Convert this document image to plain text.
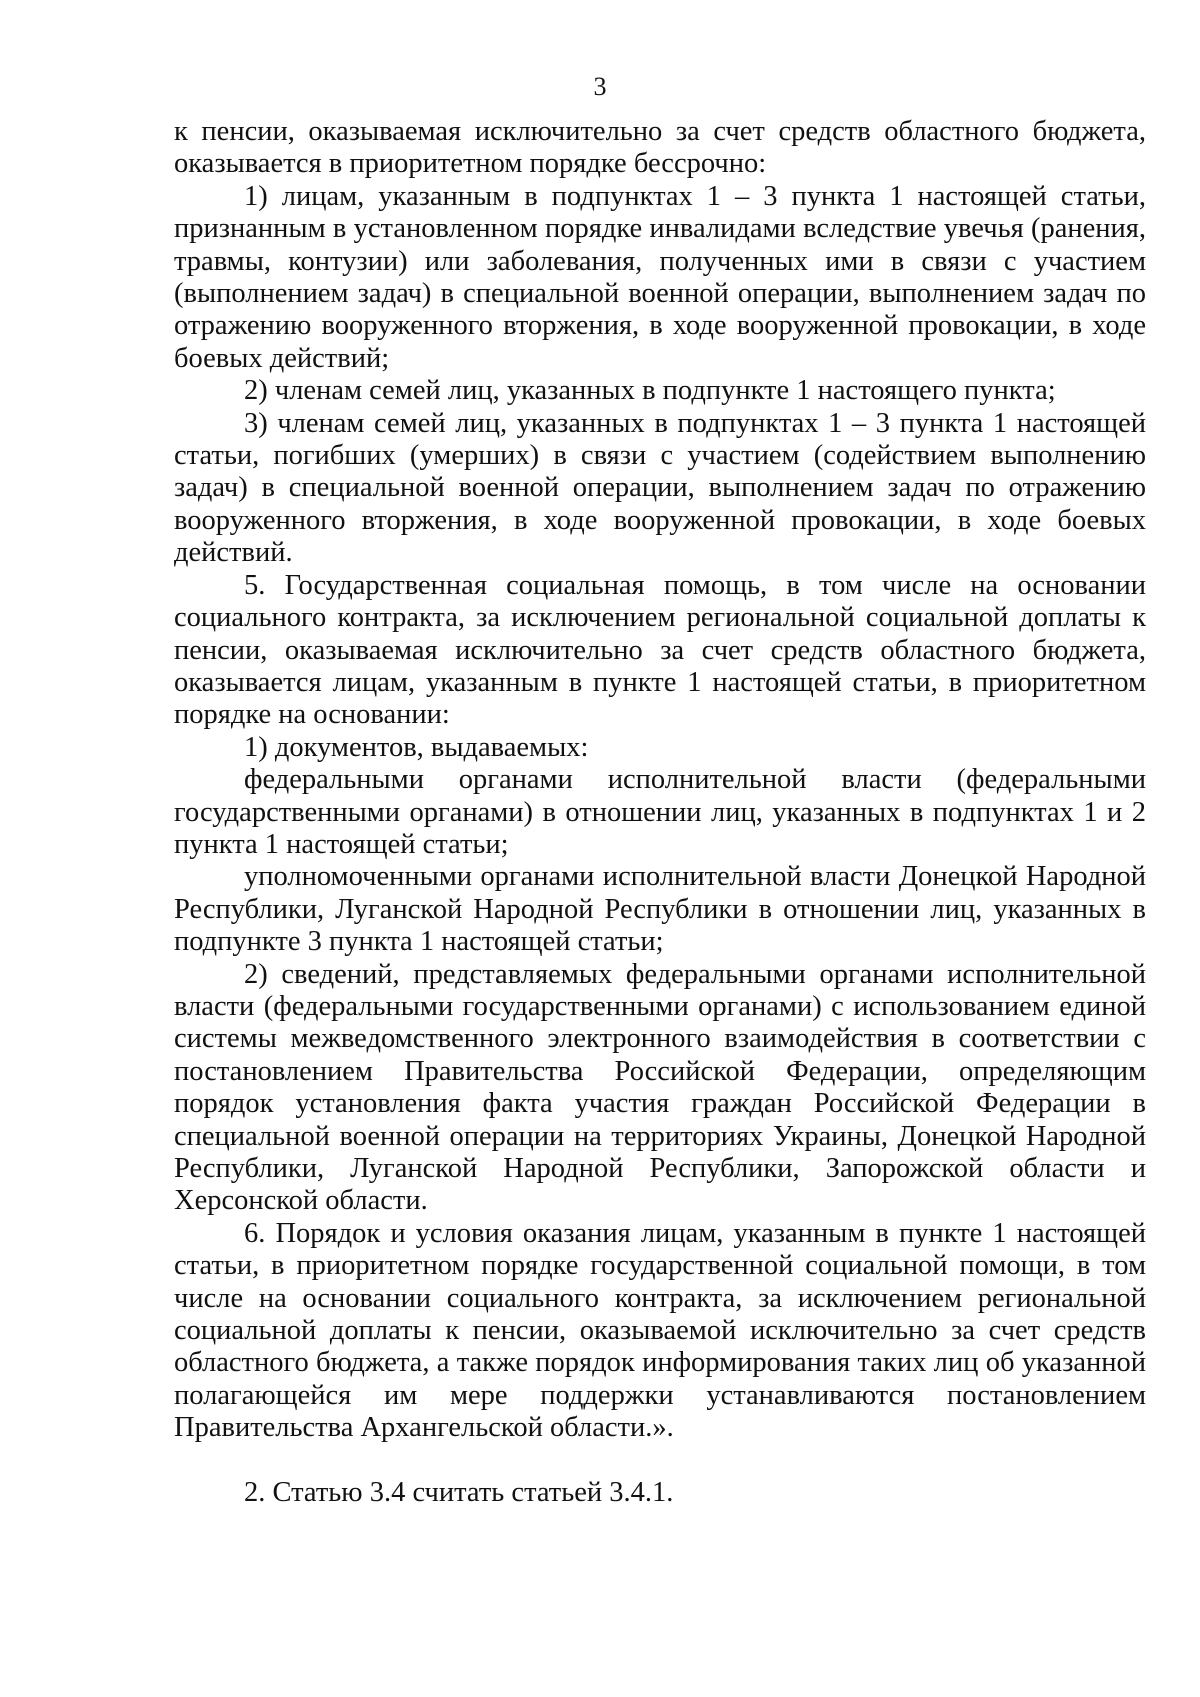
3

к пенсии, оказываемая исключительно за счет средств областного бюджета, оказывается в приоритетном порядке бессрочно:

1) лицам, указанным в подпунктах 1 – 3 пункта 1 настоящей статьи, признанным в установленном порядке инвалидами вследствие увечья (ранения, травмы, контузии) или заболевания, полученных ими в связи с участием (выполнением задач) в специальной военной операции, выполнением задач по отражению вооруженного вторжения, в ходе вооруженной провокации, в ходе боевых действий;

2) членам семей лиц, указанных в подпункте 1 настоящего пункта;

3) членам семей лиц, указанных в подпунктах 1 – 3 пункта 1 настоящей статьи, погибших (умерших) в связи с участием (содействием выполнению задач) в специальной военной операции, выполнением задач по отражению вооруженного вторжения, в ходе вооруженной провокации, в ходе боевых действий.

5. Государственная социальная помощь, в том числе на основании социального контракта, за исключением региональной социальной доплаты к пенсии, оказываемая исключительно за счет средств областного бюджета, оказывается лицам, указанным в пункте 1 настоящей статьи, в приоритетном порядке на основании:

1) документов, выдаваемых:

федеральными органами исполнительной власти (федеральными государственными органами) в отношении лиц, указанных в подпунктах 1 и 2 пункта 1 настоящей статьи;

уполномоченными органами исполнительной власти Донецкой Народной Республики, Луганской Народной Республики в отношении лиц, указанных в подпункте 3 пункта 1 настоящей статьи;

2) сведений, представляемых федеральными органами исполнительной власти (федеральными государственными органами) с использованием единой системы межведомственного электронного взаимодействия в соответствии с постановлением Правительства Российской Федерации, определяющим порядок установления факта участия граждан Российской Федерации в специальной военной операции на территориях Украины, Донецкой Народной Республики, Луганской Народной Республики, Запорожской области и Херсонской области.

6. Порядок и условия оказания лицам, указанным в пункте 1 настоящей статьи, в приоритетном порядке государственной социальной помощи, в том числе на основании социального контракта, за исключением региональной социальной доплаты к пенсии, оказываемой исключительно за счет средств областного бюджета, а также порядок информирования таких лиц об указанной полагающейся им мере поддержки устанавливаются постановлением Правительства Архангельской области.».

2. Статью 3.4 считать статьей 3.4.1.
